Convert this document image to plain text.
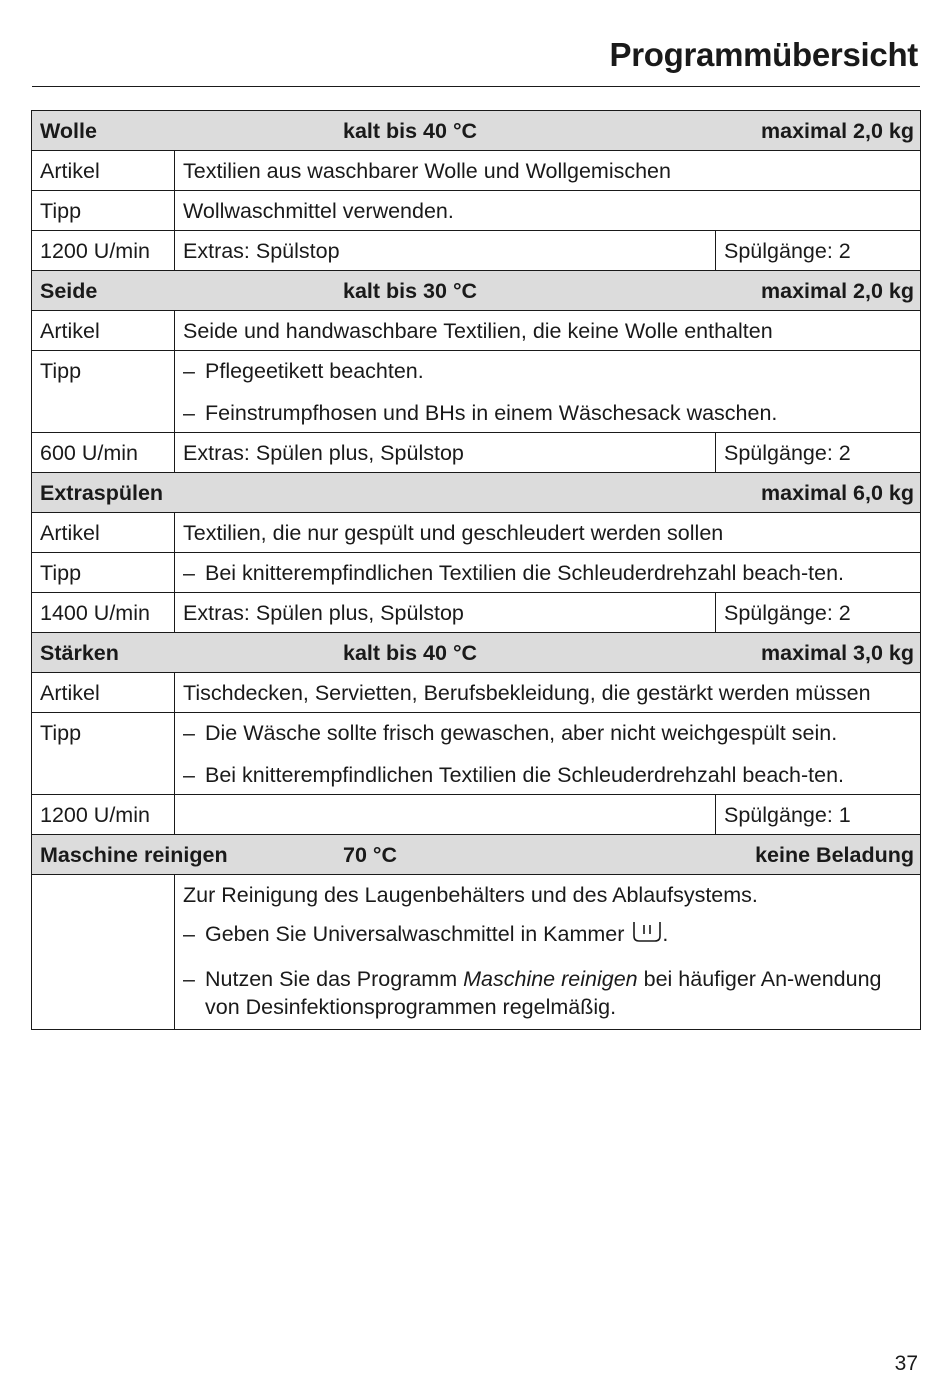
Programmübersicht
Wolle kalt bis 40 °C maximal 2,0 kg		

Artikel	Textilien aus waschbarer Wolle und Wollgemischen	
Tipp	Wollwaschmittel verwenden.	
1200 U/min	Extras: Spülstop	Spülgänge: 2

Seide kalt bis 30 °C maximal 2,0 kg		

Artikel	Seide und handwaschbare Textilien, die keine Wolle enthalten	
Tipp	– Pflegeetikett beachten.
– Feinstrumpfhosen und BHs in einem Wäschesack waschen.	

600 U/min	Extras: Spülen plus, Spülstop	Spülgänge: 2

Extraspülen maximal 6,0 kg		

Artikel	Textilien, die nur gespült und geschleudert werden sollen	
Tipp	– Bei knitterempfindlichen Textilien die Schleuderdrehzahl beach-ten.	

1400 U/min	Extras: Spülen plus, Spülstop	Spülgänge: 2

Stärken kalt bis 40 °C maximal 3,0 kg		

Artikel	Tischdecken, Servietten, Berufsbekleidung, die gestärkt werden müssen	
Tipp	– Die Wäsche sollte frisch gewaschen, aber nicht weichgespült sein.
– Bei knitterempfindlichen Textilien die Schleuderdrehzahl beach-ten.	

1200 U/min		Spülgänge: 1

Maschine reinigen 70 °C keine Beladung		

	Zur Reinigung des Laugenbehälters und des Ablaufsystems.
– Geben Sie Universalwaschmittel in Kammer .
– Nutzen Sie das Programm Maschine reinigen bei häufiger An-wendung von Desinfektionsprogrammen regelmäßig.	
37
